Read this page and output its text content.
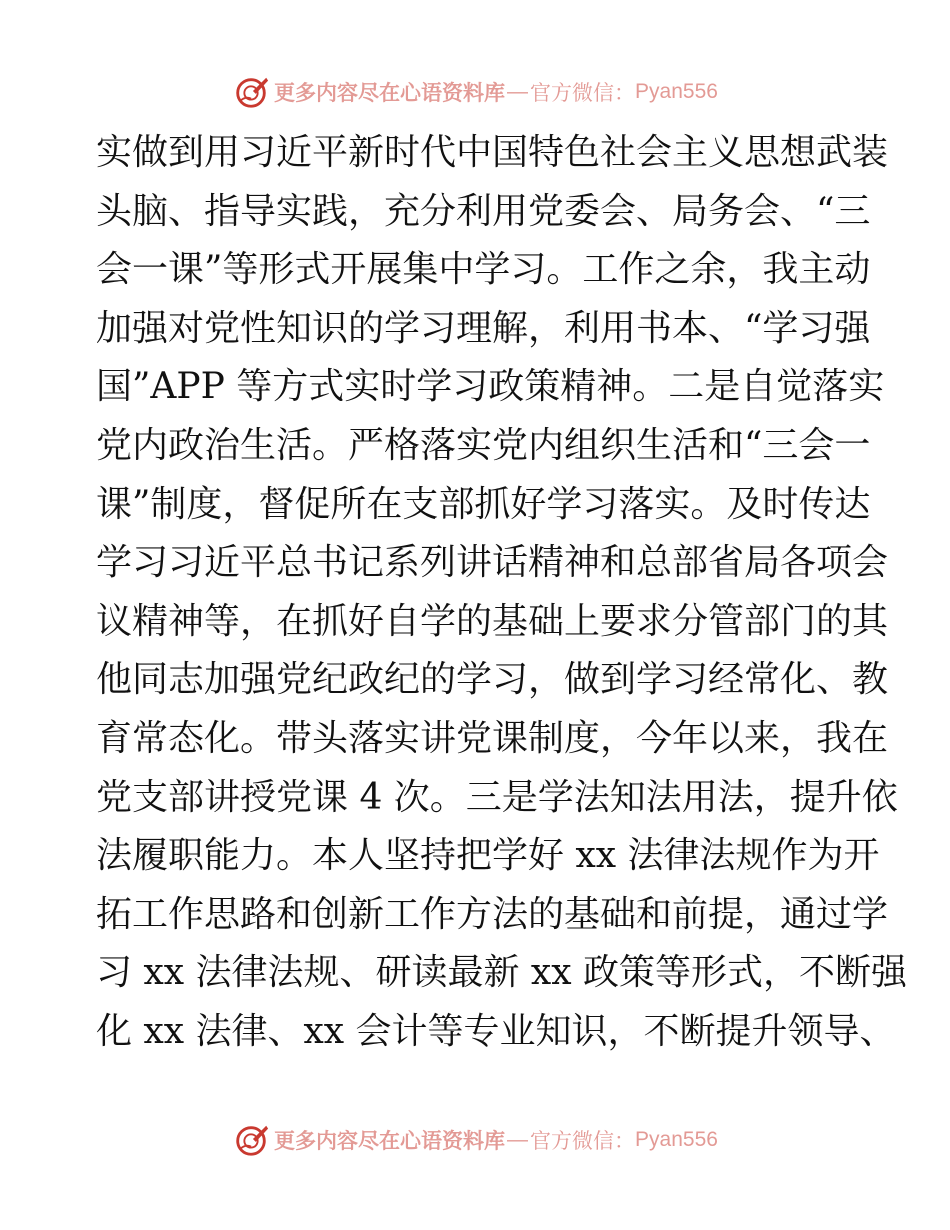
更多内容尽在心语资料库 — 官方微信： Pyan556
实做到用习近平新时代中国特色社会主义思想武装
头脑、指导实践，充分利用党委会、局务会、“三
会一课”等形式开展集中学习。工作之余，我主动
加强对党性知识的学习理解，利用书本、“学习强
国”APP 等方式实时学习政策精神。二是自觉落实
党内政治生活。严格落实党内组织生活和“三会一
课”制度，督促所在支部抓好学习落实。及时传达
学习习近平总书记系列讲话精神和总部省局各项会
议精神等，在抓好自学的基础上要求分管部门的其
他同志加强党纪政纪的学习，做到学习经常化、教
育常态化。带头落实讲党课制度，今年以来，我在
党支部讲授党课 4 次。三是学法知法用法，提升依
法履职能力。本人坚持把学好 xx 法律法规作为开
拓工作思路和创新工作方法的基础和前提，通过学
习 xx 法律法规、研读最新 xx 政策等形式，不断强
化 xx 法律、xx 会计等专业知识，不断提升领导、
更多内容尽在心语资料库 — 官方微信： Pyan556
